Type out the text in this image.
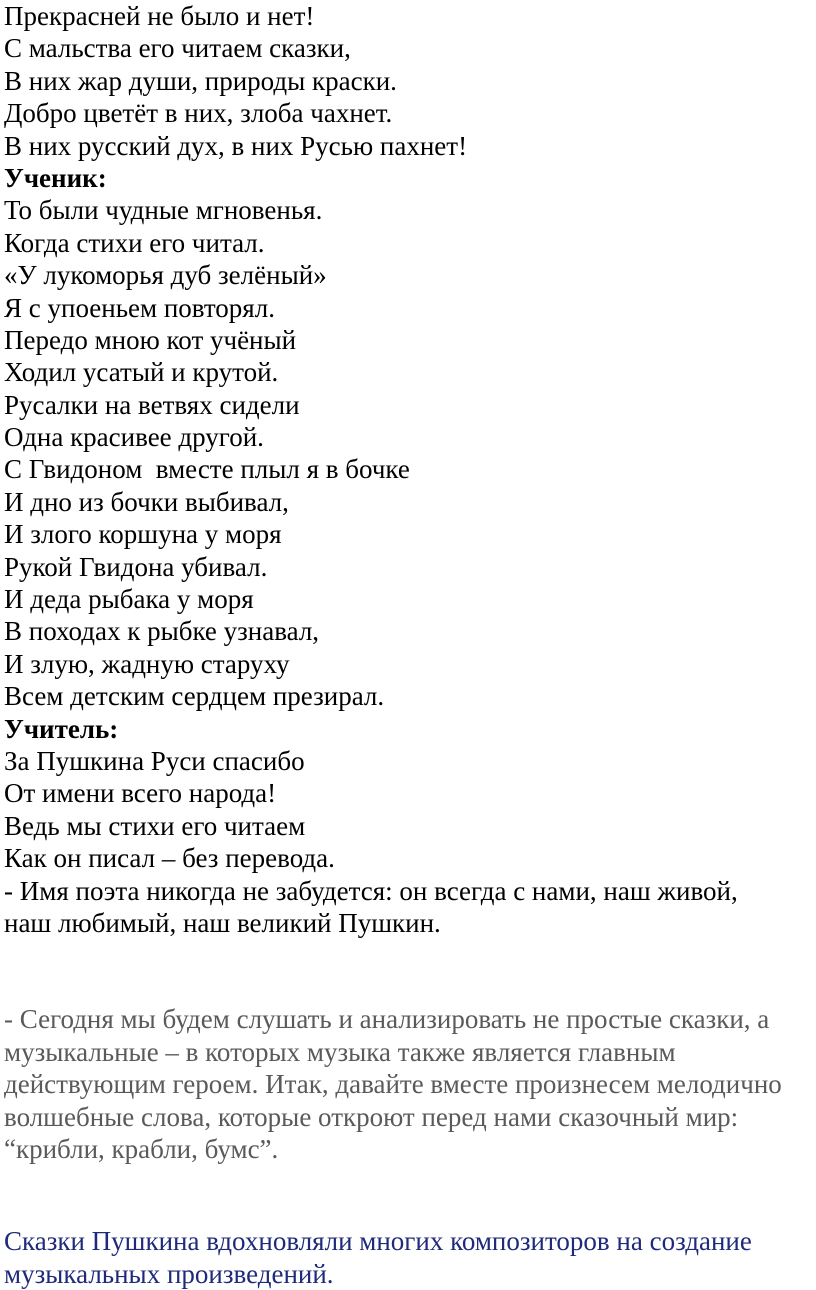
Прекрасней не было и нет!
С мальства его читаем сказки,
В них жар души, природы краски.
Добро цветёт в них, злоба чахнет.
В них русский дух, в них Русью пахнет!
Ученик:
То были чудные мгновенья.
Когда стихи его читал.
«У лукоморья дуб зелёный»
Я с упоеньем повторял.
Передо мною кот учёный
Ходил усатый и крутой.
Русалки на ветвях сидели
Одна красивее другой.
С Гвидоном  вместе плыл я в бочке
И дно из бочки выбивал,
И злого коршуна у моря
Рукой Гвидона убивал.
И деда рыбака у моря
В походах к рыбке узнавал,
И злую, жадную старуху
Всем детским сердцем презирал.
Учитель:
За Пушкина Руси спасибо
От имени всего народа!
Ведь мы стихи его читаем
Как он писал – без перевода.
- Имя поэта никогда не забудется: он всегда с нами, наш живой,
наш любимый, наш великий Пушкин.
- Сегодня мы будем слушать и анализировать не простые сказки, а
музыкальные – в которых музыка также является главным
действующим героем. Итак, давайте вместе произнесем мелодично
волшебные слова, которые откроют перед нами сказочный мир:
“крибли, крабли, бумс”.
Сказки Пушкина вдохновляли многих композиторов на создание
музыкальных произведений.
